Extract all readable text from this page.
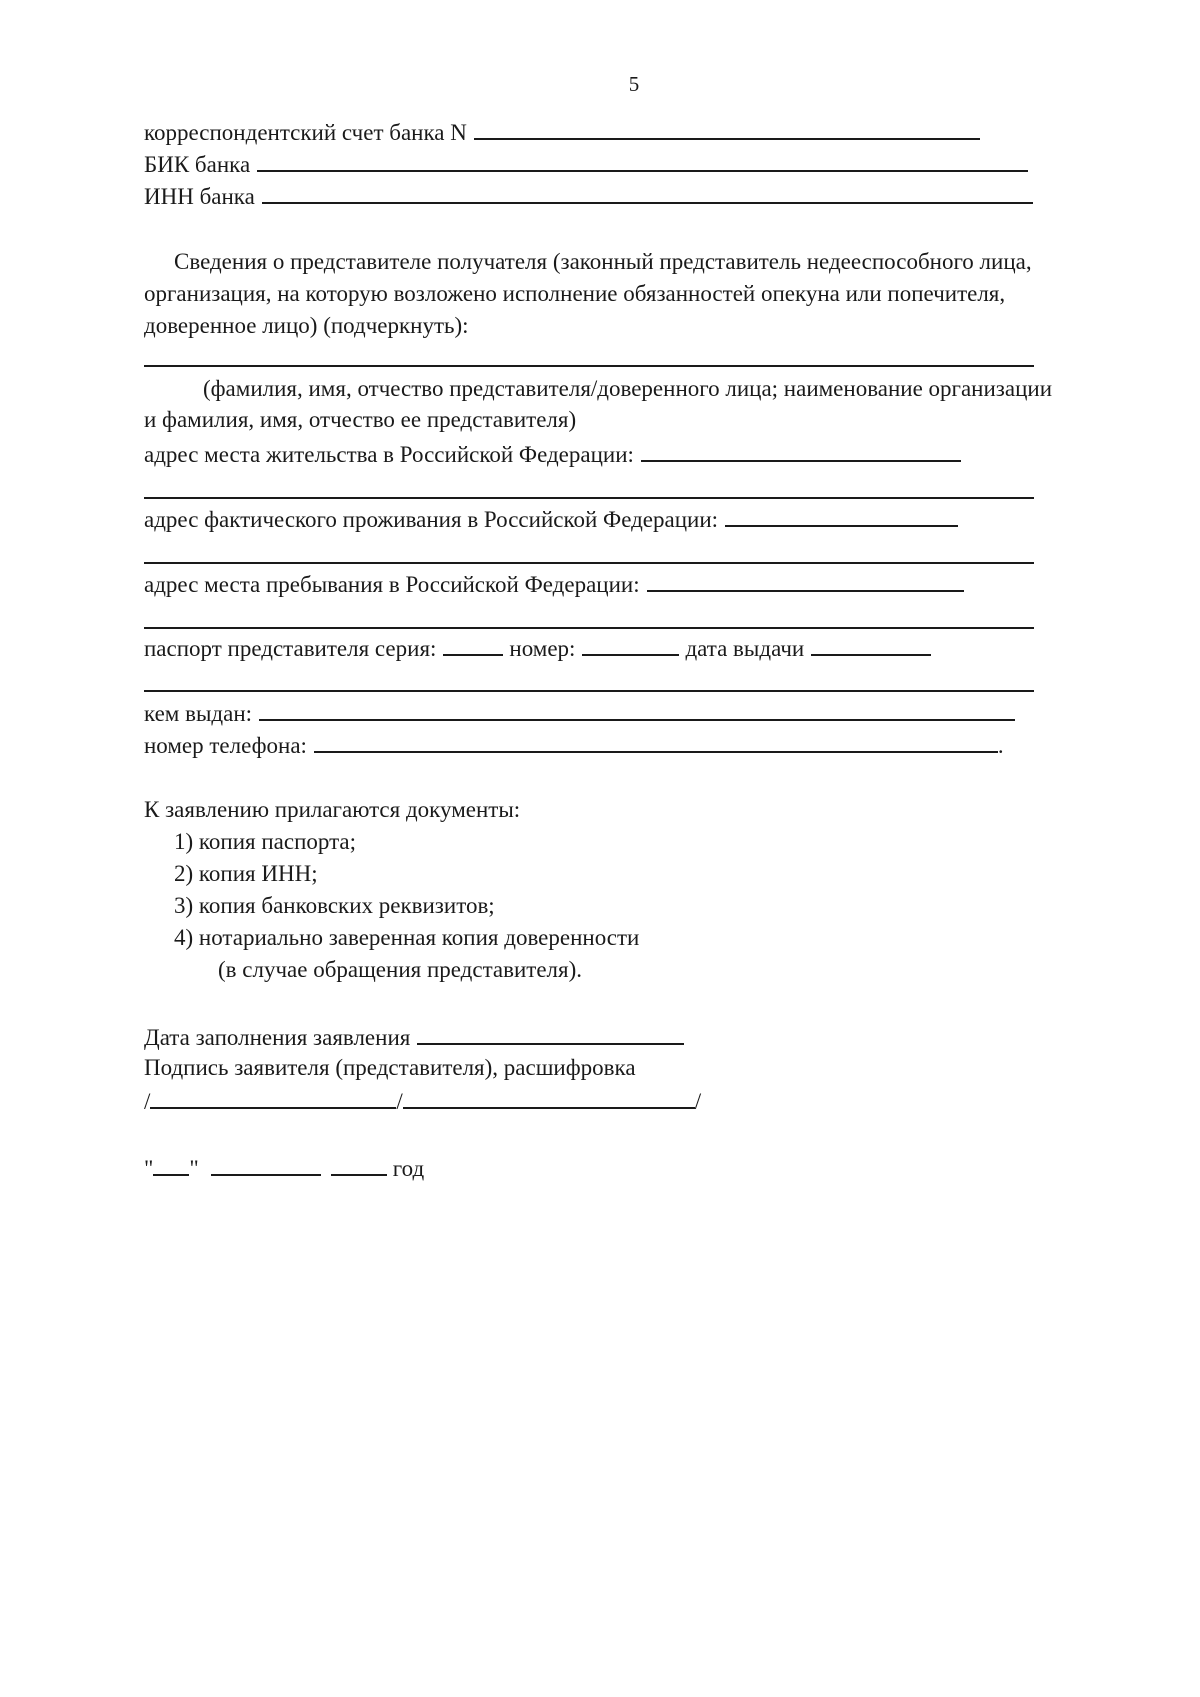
5
корреспондентский счет банка N
БИК банка
ИНН банка
Сведения о представителе получателя (законный представитель недееспособного лица,
организация, на которую возложено исполнение обязанностей опекуна или попечителя,
доверенное лицо) (подчеркнуть):
(фамилия, имя, отчество представителя/доверенного лица; наименование организации
и фамилия, имя, отчество ее представителя)
адрес места жительства в Российской Федерации:
адрес фактического проживания в Российской Федерации:
адрес места пребывания в Российской Федерации:
паспорт представителя серия:	номер:	дата выдачи
кем выдан:
номер телефона:	.
К заявлению прилагаются документы:
1) копия паспорта;
2) копия ИНН;
3) копия банковских реквизитов;
4) нотариально заверенная копия доверенности
(в случае обращения представителя).
Дата заполнения заявления
Подпись заявителя (представителя), расшифровка
/	/	/
" "	год
